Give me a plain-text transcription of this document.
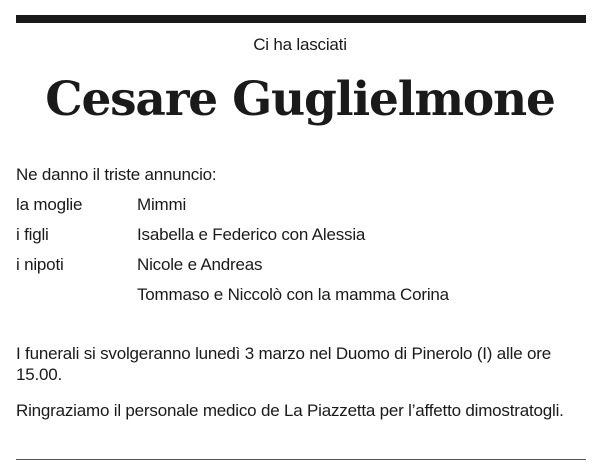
Ci ha lasciati
Cesare Guglielmone
Ne danno il triste annuncio:
la moglie	Mimmi
i figli	Isabella e Federico con Alessia
i nipoti	Nicole e Andreas
Tommaso e Niccolò con la mamma Corina
I funerali si svolgeranno lunedì 3 marzo nel Duomo di Pinerolo (I) alle ore 15.00.
Ringraziamo il personale medico de La Piazzetta per l’affetto dimostratogli.
